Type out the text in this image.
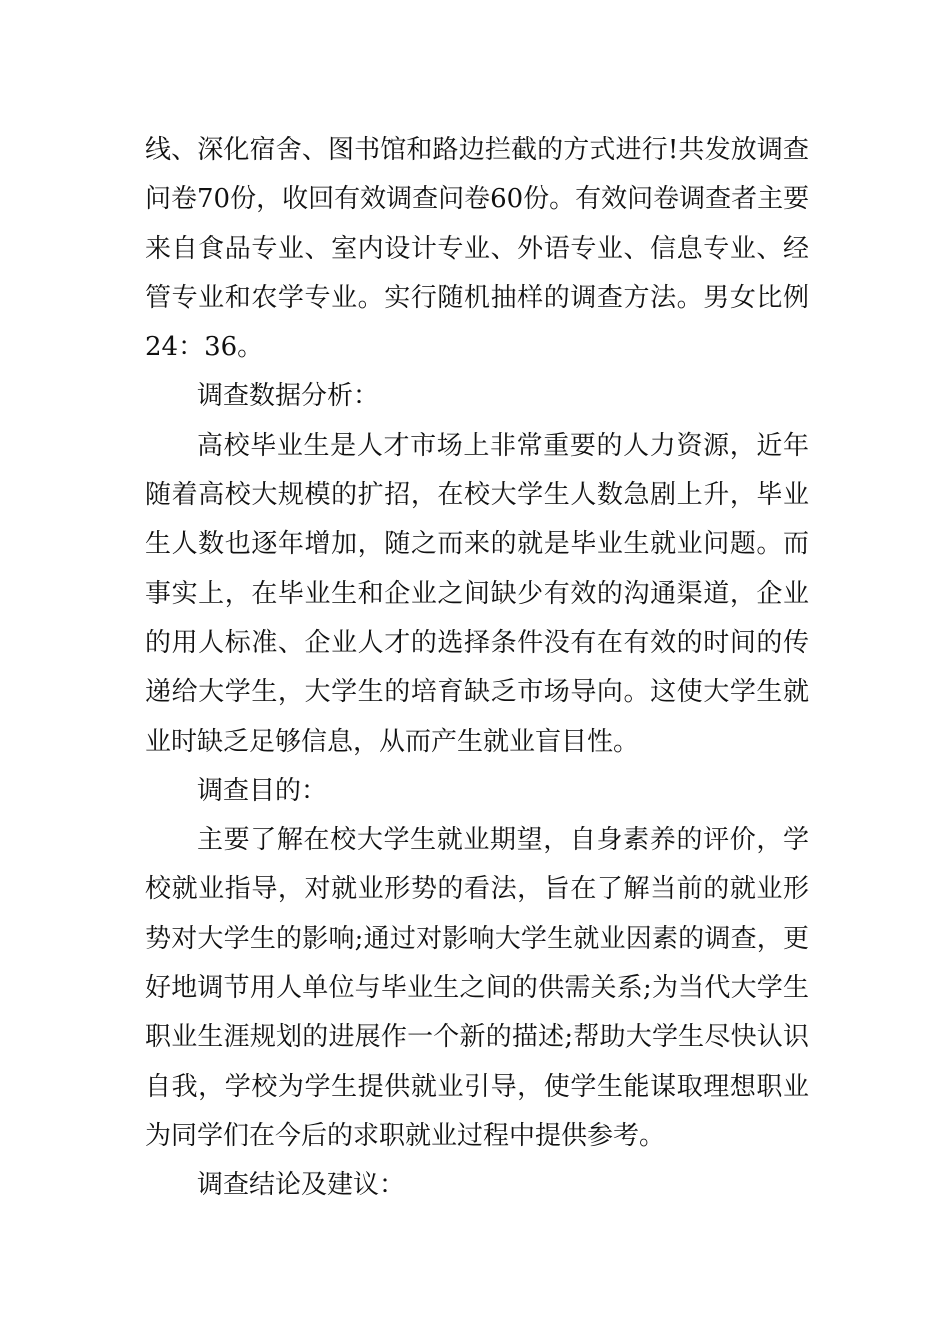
线、深化宿舍、图书馆和路边拦截的方式进行!共发放调查
问卷70份，收回有效调查问卷60份。有效问卷调查者主要
来自食品专业、室内设计专业、外语专业、信息专业、经
管专业和农学专业。实行随机抽样的调查方法。男女比例
24：36。
调查数据分析：
高校毕业生是人才市场上非常重要的人力资源，近年
随着高校大规模的扩招，在校大学生人数急剧上升，毕业
生人数也逐年增加，随之而来的就是毕业生就业问题。而
事实上，在毕业生和企业之间缺少有效的沟通渠道，企业
的用人标准、企业人才的选择条件没有在有效的时间的传
递给大学生，大学生的培育缺乏市场导向。这使大学生就
业时缺乏足够信息，从而产生就业盲目性。
调查目的：
主要了解在校大学生就业期望，自身素养的评价，学
校就业指导，对就业形势的看法，旨在了解当前的就业形
势对大学生的影响;通过对影响大学生就业因素的调查，更
好地调节用人单位与毕业生之间的供需关系;为当代大学生
职业生涯规划的进展作一个新的描述;帮助大学生尽快认识
自我，学校为学生提供就业引导，使学生能谋取理想职业
为同学们在今后的求职就业过程中提供参考。
调查结论及建议：
